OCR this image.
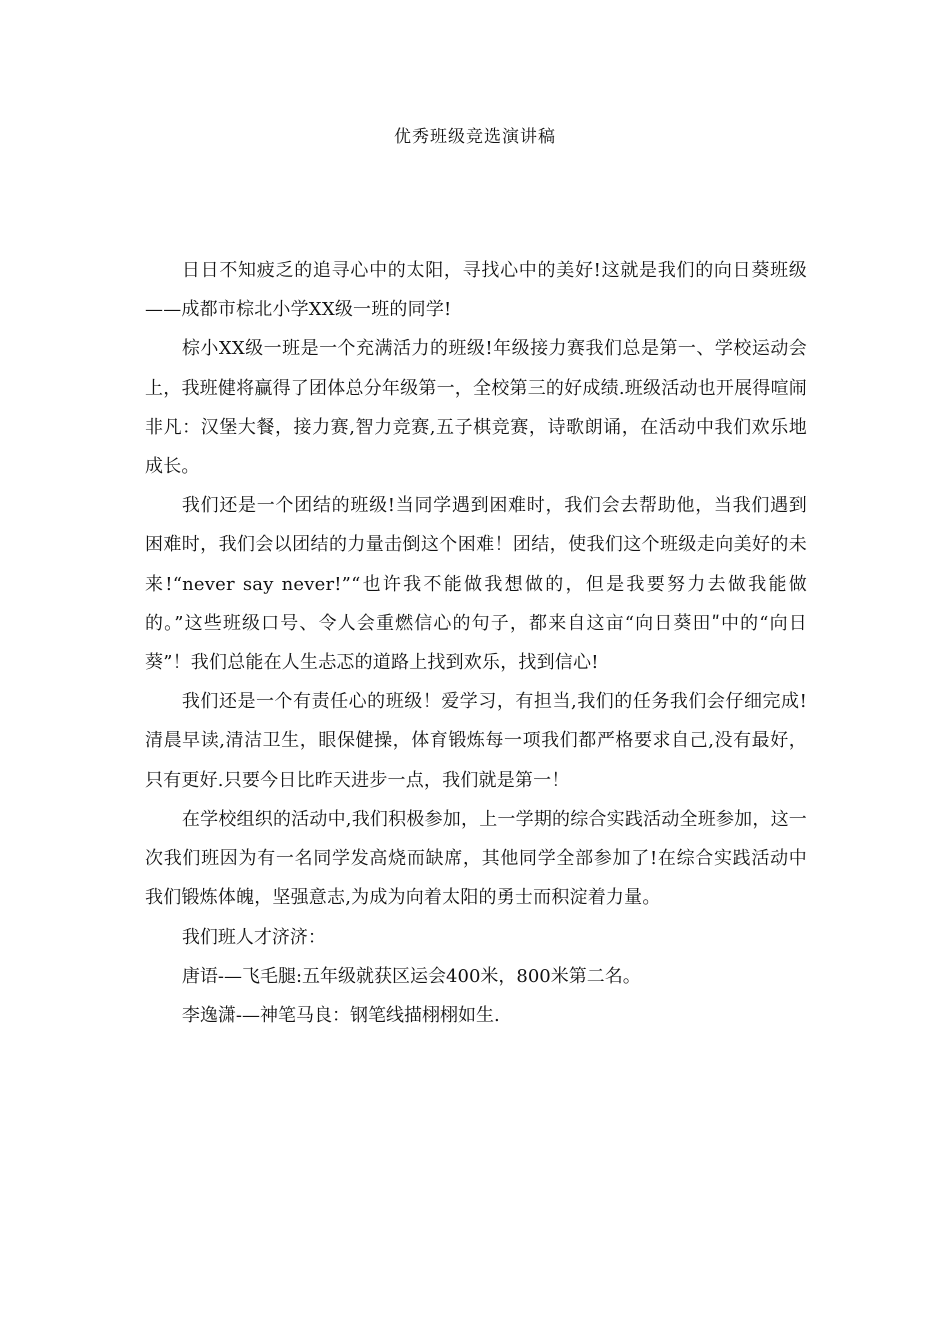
优秀班级竞选演讲稿

日日不知疲乏的追寻心中的太阳，寻找心中的美好!这就是我们的向日葵班级——成都市棕北小学XX级一班的同学!

棕小XX级一班是一个充满活力的班级!年级接力赛我们总是第一、学校运动会上，我班健将赢得了团体总分年级第一，全校第三的好成绩.班级活动也开展得喧闹非凡：汉堡大餐，接力赛,智力竞赛,五子棋竞赛，诗歌朗诵，在活动中我们欢乐地成长。

我们还是一个团结的班级!当同学遇到困难时，我们会去帮助他，当我们遇到困难时，我们会以团结的力量击倒这个困难！团结，使我们这个班级走向美好的未来!“never say never!”“也许我不能做我想做的，但是我要努力去做我能做的。”这些班级口号、令人会重燃信心的句子，都来自这亩“向日葵田ʺ中的“向日葵”！我们总能在人生忐忑的道路上找到欢乐，找到信心!

我们还是一个有责任心的班级！爱学习，有担当,我们的任务我们会仔细完成!清晨早读,清洁卫生，眼保健操，体育锻炼每一项我们都严格要求自己,没有最好，只有更好.只要今日比昨天进步一点，我们就是第一！

在学校组织的活动中,我们积极参加，上一学期的综合实践活动全班参加，这一次我们班因为有一名同学发高烧而缺席，其他同学全部参加了!在综合实践活动中我们锻炼体魄，坚强意志,为成为向着太阳的勇士而积淀着力量。

我们班人才济济：

唐语-—飞毛腿:五年级就获区运会400米，800米第二名。

李逸潇-—神笔马良：钢笔线描栩栩如生.
